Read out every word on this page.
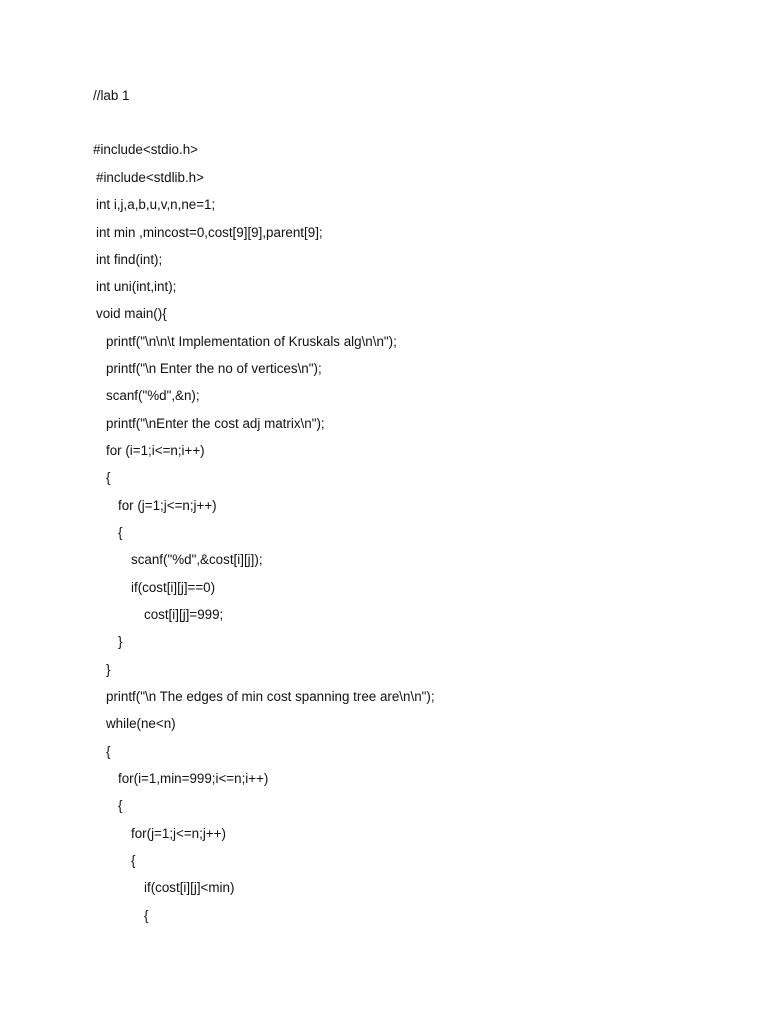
//lab 1
#include<stdio.h>
#include<stdlib.h>
int i,j,a,b,u,v,n,ne=1;
int min ,mincost=0,cost[9][9],parent[9];
int find(int);
int uni(int,int);
void main(){
printf("\n\n\t Implementation of Kruskals alg\n\n");
printf("\n Enter the no of vertices\n");
scanf("%d",&n);
printf("\nEnter the cost adj matrix\n");
for (i=1;i<=n;i++)
{
for (j=1;j<=n;j++)
{
scanf("%d",&cost[i][j]);
if(cost[i][j]==0)
cost[i][j]=999;
}
}
printf("\n The edges of min cost spanning tree are\n\n");
while(ne<n)
{
for(i=1,min=999;i<=n;i++)
{
for(j=1;j<=n;j++)
{
if(cost[i][j]<min)
{
